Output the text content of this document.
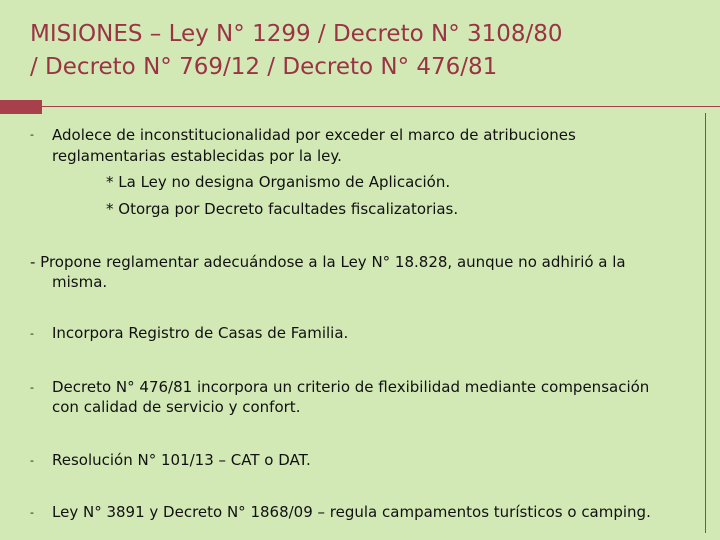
MISIONES – Ley N° 1299 / Decreto N° 3108/80
/ Decreto N° 769/12 / Decreto N° 476/81
- Adolece de inconstitucionalidad por exceder el marco de atribuciones

reglamentarias establecidas por la ley.

* La Ley no designa Organismo de Aplicación.

* Otorga por Decreto facultades fiscalizatorias.

- Propone reglamentar adecuándose a la Ley N° 18.828, aunque no adhirió a la

misma.

- Incorpora Registro de Casas de Familia.

- Decreto N° 476/81 incorpora un criterio de flexibilidad mediante compensación

con calidad de servicio y confort.

- Resolución N° 101/13 – CAT o DAT.

- Ley N° 3891 y Decreto N° 1868/09 – regula campamentos turísticos o camping.
